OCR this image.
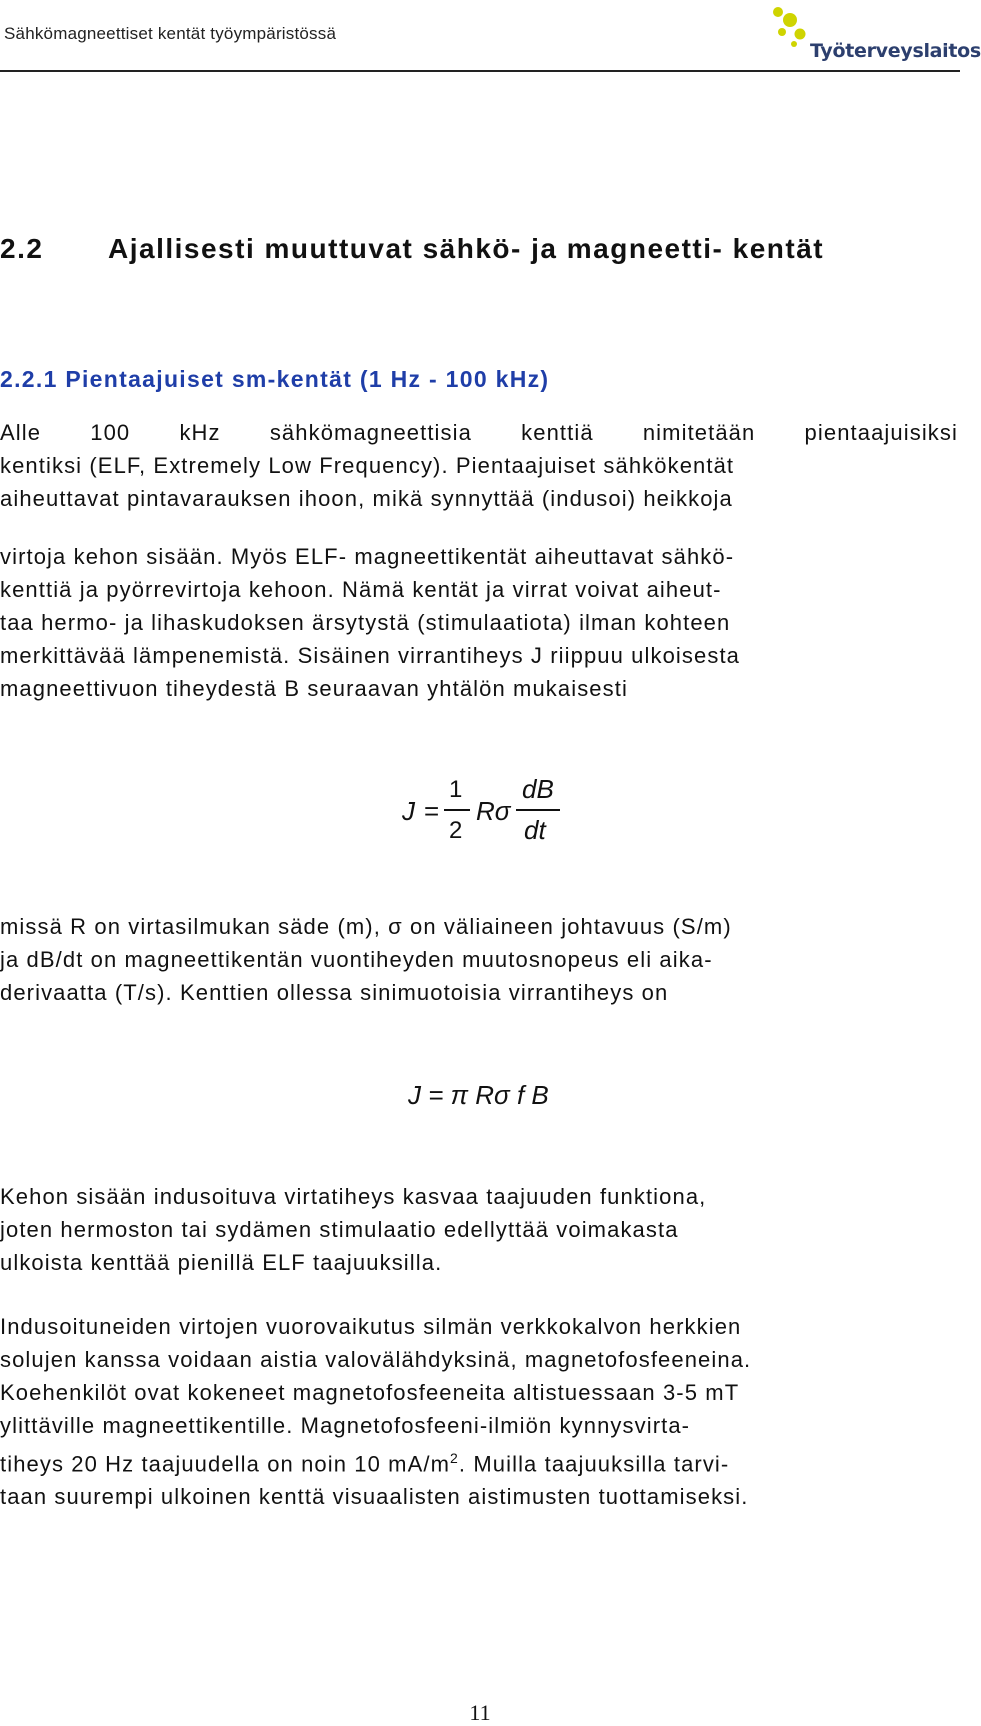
Sähkömagneettiset kentät työympäristössä
Työterveyslaitos
2.2 Ajallisesti muuttuvat sähkö- ja magneetti- kentät
2.2.1 Pientaajuiset sm-kentät (1 Hz - 100 kHz)
Alle 100 kHz sähkömagneettisia kenttiä nimitetään pientaajuisiksi
kentiksi (ELF, Extremely Low Frequency). Pientaajuiset sähkökentät
aiheuttavat pintavarauksen ihoon, mikä synnyttää (indusoi) heikkoja
virtoja kehon sisään. Myös ELF- magneettikentät aiheuttavat sähkö-
kenttiä ja pyörrevirtoja kehoon. Nämä kentät ja virrat voivat aiheut-
taa hermo- ja lihaskudoksen ärsytystä (stimulaatiota) ilman kohteen
merkittävää lämpenemistä. Sisäinen virrantiheys J riippuu ulkoisesta
magneettivuon tiheydestä B seuraavan yhtälön mukaisesti
J =
1
2
Rσ
dB
dt
missä R on virtasilmukan säde (m), σ on väliaineen johtavuus (S/m)
ja dB/dt on magneettikentän vuontiheyden muutosnopeus eli aika-
derivaatta (T/s). Kenttien ollessa sinimuotoisia virrantiheys on
J = π Rσ f B
Kehon sisään indusoituva virtatiheys kasvaa taajuuden funktiona,
joten hermoston tai sydämen stimulaatio edellyttää voimakasta
ulkoista kenttää pienillä ELF taajuuksilla.
Indusoituneiden virtojen vuorovaikutus silmän verkkokalvon herkkien
solujen kanssa voidaan aistia valovälähdyksinä, magnetofosfeeneina.
Koehenkilöt ovat kokeneet magnetofosfeeneita altistuessaan 3-5 mT
ylittäville magneettikentille. Magnetofosfeeni-ilmiön kynnysvirta-
tiheys 20 Hz taajuudella on noin 10 $mA/m^2$. Muilla taajuuksilla tarvi-
taan suurempi ulkoinen kenttä visuaalisten aistimusten tuottamiseksi.
11
